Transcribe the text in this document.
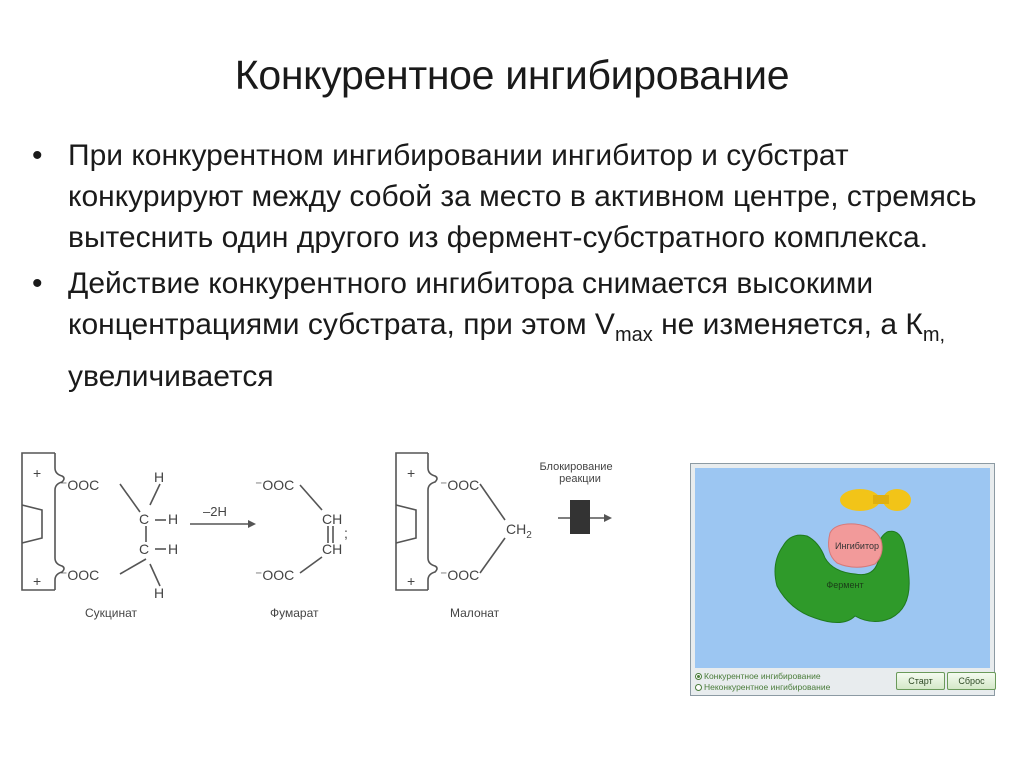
Конкурентное ингибирование
• При конкурентном ингибировании ингибитор и субстрат конкурируют между собой за место в активном центре, стремясь вытеснить один другого из фермент-субстратного комплекса.
• Действие конкурентного ингибитора снимается высокими концентрациями субстрата, при этом $V_{max}$ не изменяется, а $К_{m,}$ увеличивается
+
+
⁻OOC
⁻OOC
H
C H
C H
H
–2H
⁻OOC
⁻OOC
CH
CH
;
+
+
⁻OOC
⁻OOC
$CH_2$
Блокирование
реакции
Сукцинат	Фумарат	Малонат
Ингибитор
Фермент
Конкурентное ингибирование
Неконкурентное ингибирование
Старт	Сброс
